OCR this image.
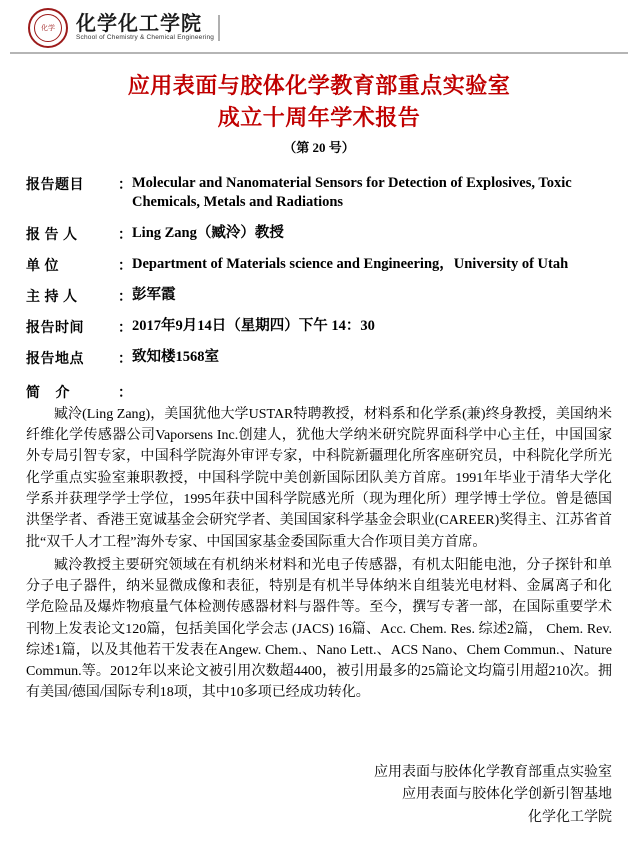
化学 化学化工学院
School of Chemistry & Chemical Engineering
应用表面与胶体化学教育部重点实验室
成立十周年学术报告
（第 20 号）
报告题目	： Molecular and Nanomaterial Sensors for Detection of Explosives, Toxic Chemicals, Metals and Radiations
报 告 人	： Ling Zang（臧泠）教授
单 位	： Department of Materials science and Engineering，University of Utah
主 持 人	： 彭军霞
报告时间	： 2017年9月14日（星期四）下午 14：30
报告地点	： 致知楼1568室
简 介	：

臧泠(Ling Zang)，美国犹他大学USTAR特聘教授，材料系和化学系(兼)终身教授，美国纳米纤维化学传感器公司Vaporsens Inc.创建人，犹他大学纳米研究院界面科学中心主任，中国国家外专局引智专家，中国科学院海外审评专家，中科院新疆理化所客座研究员，中科院化学所光化学重点实验室兼职教授，中国科学院中美创新国际团队美方首席。1991年毕业于清华大学化学系并获理学学士学位，1995年获中国科学院感光所（现为理化所）理学博士学位。曾是德国洪堡学者、香港王宽诚基金会研究学者、美国国家科学基金会职业(CAREER)奖得主、江苏省首批“双千人才工程”海外专家、中国国家基金委国际重大合作项目美方首席。

臧泠教授主要研究领域在有机纳米材料和光电子传感器，有机太阳能电池，分子探针和单分子电子器件，纳米显微成像和表征，特别是有机半导体纳米自组装光电材料、金属离子和化学危险品及爆炸物痕量气体检测传感器材料与器件等。至今，撰写专著一部，在国际重要学术刊物上发表论文120篇，包括美国化学会志 (JACS) 16篇、Acc. Chem. Res. 综述2篇， Chem. Rev. 综述1篇，以及其他若干发表在Angew. Chem.、Nano Lett.、ACS Nano、Chem Commun.、Nature Commun.等。2012年以来论文被引用次数超4400，被引用最多的25篇论文均篇引用超210次。拥有美国/德国/国际专利18项，其中10多项已经成功转化。

应用表面与胶体化学教育部重点实验室
应用表面与胶体化学创新引智基地
化学化工学院
